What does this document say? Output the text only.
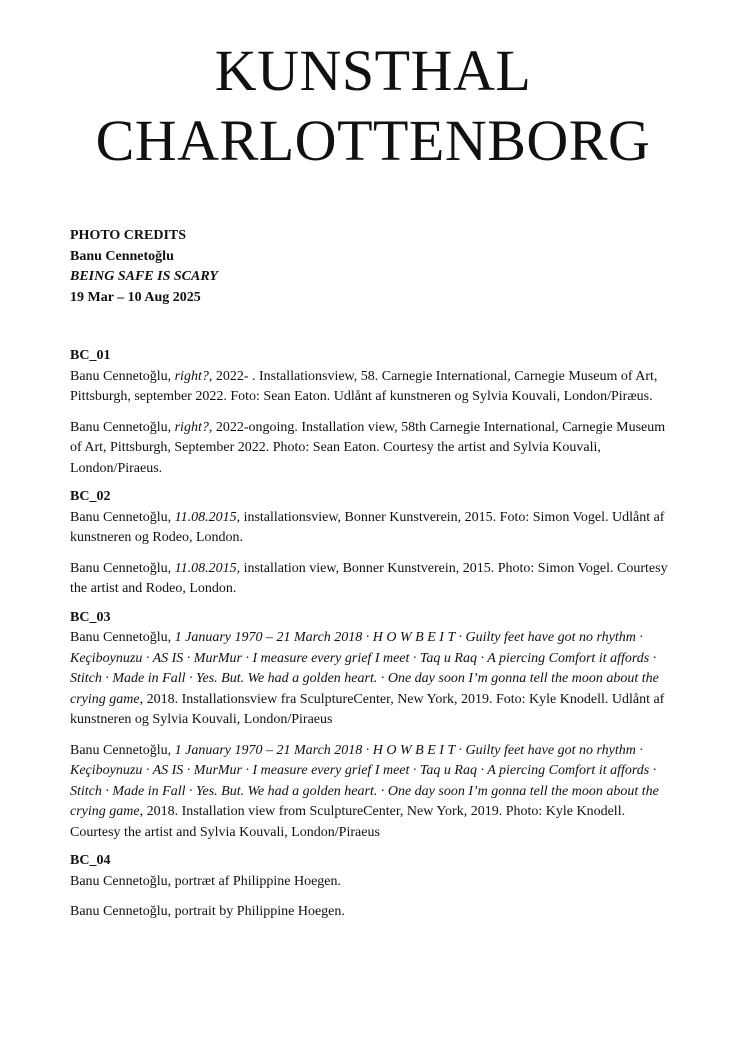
KUNSTHAL
CHARLOTTENBORG
PHOTO CREDITS
Banu Cennetoğlu
BEING SAFE IS SCARY
19 Mar – 10 Aug 2025
BC_01

Banu Cennetoğlu, right?, 2022- . Installationsview, 58. Carnegie International, Carnegie Museum of Art, Pittsburgh, september 2022. Foto: Sean Eaton. Udlånt af kunstneren og Sylvia Kouvali, London/Piræus.

Banu Cennetoğlu, right?, 2022-ongoing. Installation view, 58th Carnegie International, Carnegie Museum of Art, Pittsburgh, September 2022. Photo: Sean Eaton. Courtesy the artist and Sylvia Kouvali, London/Piraeus.

BC_02

Banu Cennetoğlu, 11.08.2015, installationsview, Bonner Kunstverein, 2015. Foto: Simon Vogel. Udlånt af kunstneren og Rodeo, London.

Banu Cennetoğlu, 11.08.2015, installation view, Bonner Kunstverein, 2015. Photo: Simon Vogel. Courtesy the artist and Rodeo, London.

BC_03

Banu Cennetoğlu, 1 January 1970 – 21 March 2018 · H O W B E I T · Guilty feet have got no rhythm · Keçiboynuzu · AS IS · MurMur · I measure every grief I meet · Taq u Raq · A piercing Comfort it affords · Stitch · Made in Fall · Yes. But. We had a golden heart. · One day soon I’m gonna tell the moon about the crying game, 2018. Installationsview fra SculptureCenter, New York, 2019. Foto: Kyle Knodell. Udlånt af kunstneren og Sylvia Kouvali, London/Piraeus

Banu Cennetoğlu, 1 January 1970 – 21 March 2018 · H O W B E I T · Guilty feet have got no rhythm · Keçiboynuzu · AS IS · MurMur · I measure every grief I meet · Taq u Raq · A piercing Comfort it affords · Stitch · Made in Fall · Yes. But. We had a golden heart. · One day soon I’m gonna tell the moon about the crying game, 2018. Installation view from SculptureCenter, New York, 2019. Photo: Kyle Knodell. Courtesy the artist and Sylvia Kouvali, London/Piraeus

BC_04

Banu Cennetoğlu, portræt af Philippine Hoegen.

Banu Cennetoğlu, portrait by Philippine Hoegen.
